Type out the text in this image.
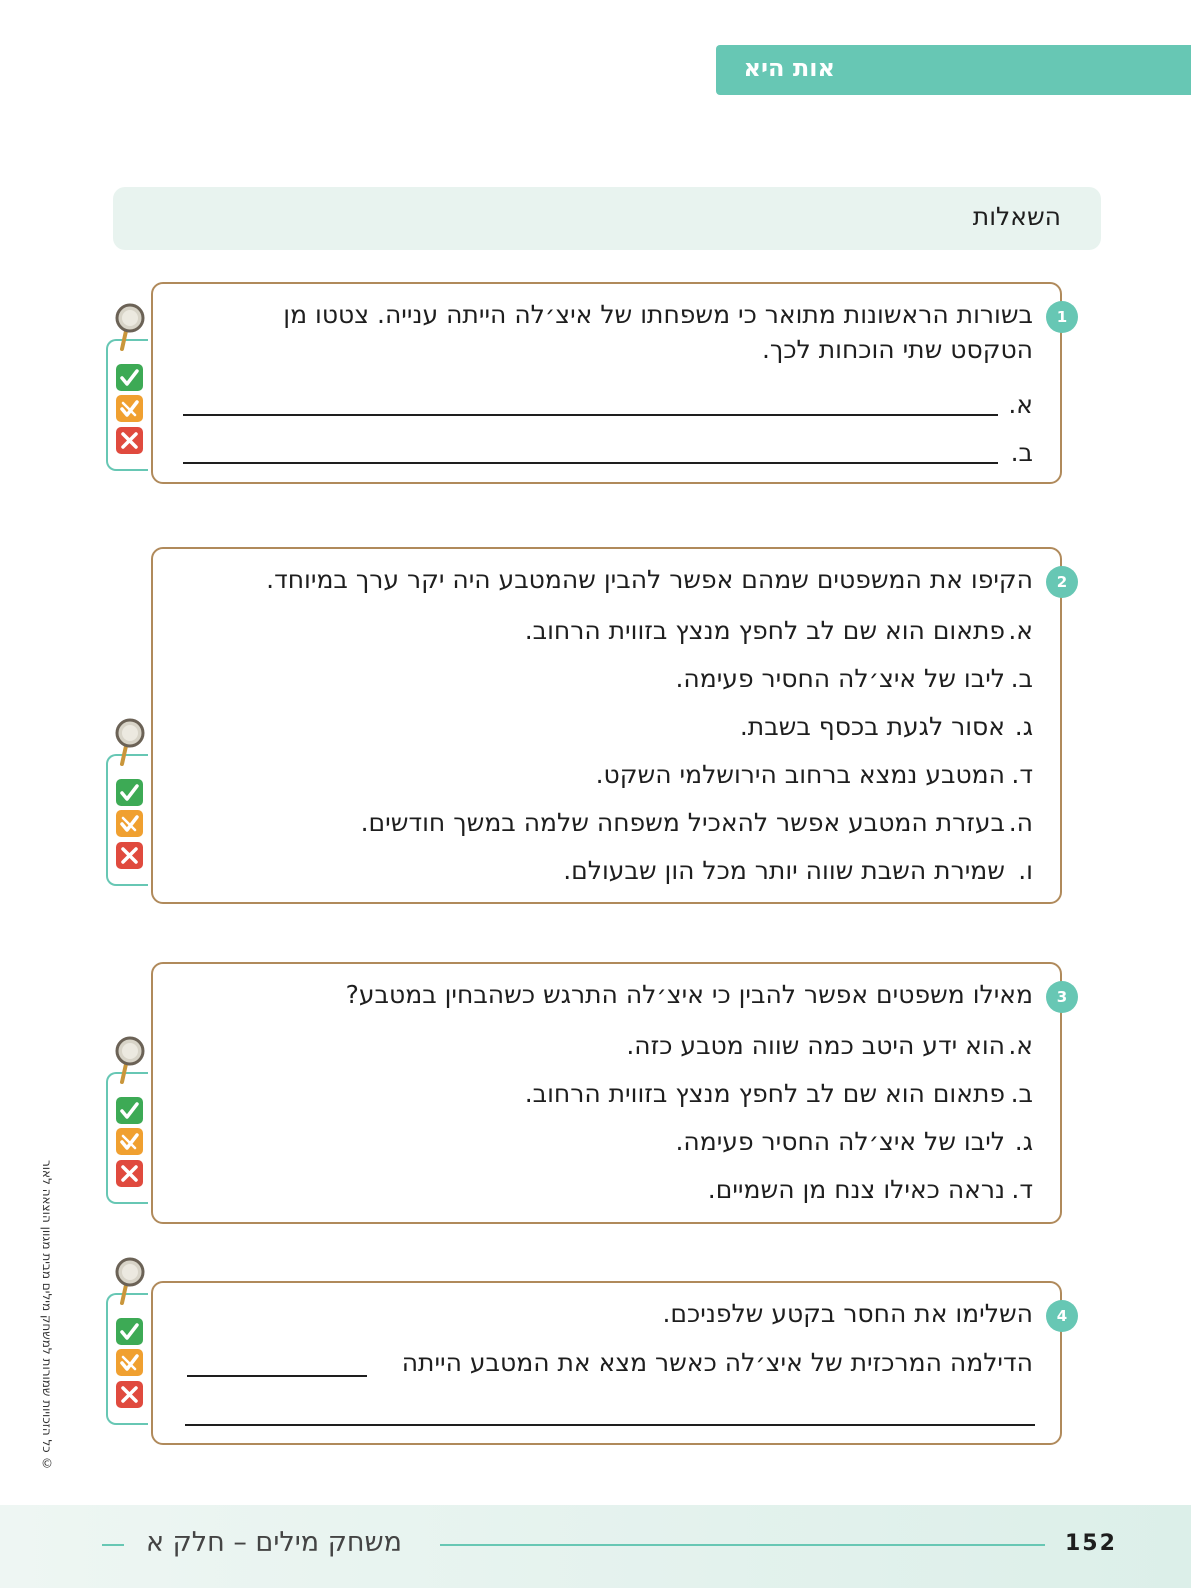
אות היא
השאלות
1
בשורות הראשונות מתואר כי משפחתו של איצ׳לה הייתה ענייה. צטטו מן הטקסט שתי הוכחות לכך.
א.
ב.
2
הקיפו את המשפטים שמהם אפשר להבין שהמטבע היה יקר ערך במיוחד.
א.פתאום הוא שם לב לחפץ מנצץ בזווית הרחוב.
ב.ליבו של איצ׳לה החסיר פעימה.
ג.אסור לגעת בכסף בשבת.
ד.המטבע נמצא ברחוב הירושלמי השקט.
ה.בעזרת המטבע אפשר להאכיל משפחה שלמה במשך חודשים.
ו.שמירת השבת שווה יותר מכל הון שבעולם.
3
מאילו משפטים אפשר להבין כי איצ׳לה התרגש כשהבחין במטבע?
א.הוא ידע היטב כמה שווה מטבע כזה.
ב.פתאום הוא שם לב לחפץ מנצץ בזווית הרחוב.
ג.ליבו של איצ׳לה החסיר פעימה.
ד.נראה כאילו צנח מן השמיים.
4
השלימו את החסר בקטע שלפניכם.
הדילמה המרכזית של איצ׳לה כאשר מצא את המטבע הייתה
© כל הזכויות שמורות למשחק מילים מבית מגוון הוצאה לאור
152
משחק מילים – חלק א
